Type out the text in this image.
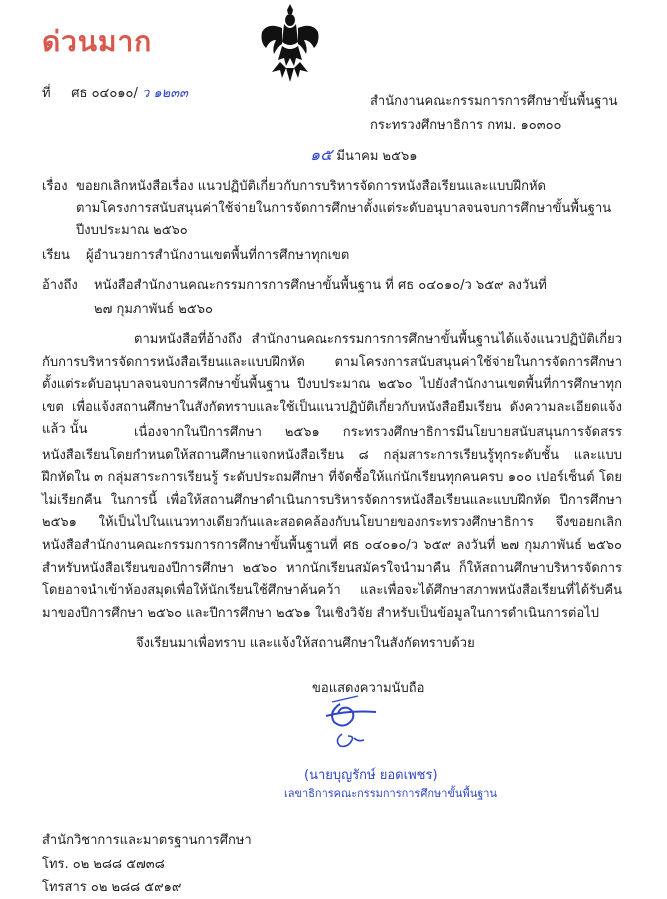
ด่วนมาก
ที่ ศธ ๐๔๐๑๐/ ว ๑๒๓๓
สำนักงานคณะกรรมการการศึกษาขั้นพื้นฐาน
กระทรวงศึกษาธิการ กทม. ๑๐๓๐๐
๑๕ มีนาคม ๒๕๖๑
เรื่อง ขอยกเลิกหนังสือเรื่อง แนวปฏิบัติเกี่ยวกับการบริหารจัดการหนังสือเรียนและแบบฝึกหัด
ตามโครงการสนับสนุนค่าใช้จ่ายในการจัดการศึกษาตั้งแต่ระดับอนุบาลจนจบการศึกษาขั้นพื้นฐาน
ปีงบประมาณ ๒๕๖๐
เรียน ผู้อำนวยการสำนักงานเขตพื้นที่การศึกษาทุกเขต
อ้างถึง หนังสือสำนักงานคณะกรรมการการศึกษาขั้นพื้นฐาน ที่ ศธ ๐๔๐๑๐/ว ๖๕๙ ลงวันที่
๒๗ กุมภาพันธ์ ๒๕๖๐
ตามหนังสือที่อ้างถึง สำนักงานคณะกรรมการการศึกษาขั้นพื้นฐานได้แจ้งแนวปฏิบัติเกี่ยวกับการบริหารจัดการหนังสือเรียนและแบบฝึกหัด ตามโครงการสนับสนุนค่าใช้จ่ายในการจัดการศึกษาตั้งแต่ระดับอนุบาลจนจบการศึกษาขั้นพื้นฐาน ปีงบประมาณ ๒๕๖๐ ไปยังสำนักงานเขตพื้นที่การศึกษาทุกเขต เพื่อแจ้งสถานศึกษาในสังกัดทราบและใช้เป็นแนวปฏิบัติเกี่ยวกับหนังสือยืมเรียน ดังความละเอียดแจ้งแล้ว นั้น	เนื่องจากในปีการศึกษา ๒๕๖๑ กระทรวงศึกษาธิการมีนโยบายสนับสนุนการจัดสรรหนังสือเรียนโดยกำหนดให้สถานศึกษาแจกหนังสือเรียน ๘ กลุ่มสาระการเรียนรู้ทุกระดับชั้น และแบบฝึกหัดใน ๓ กลุ่มสาระการเรียนรู้ ระดับประถมศึกษา ที่จัดซื้อให้แก่นักเรียนทุกคนครบ ๑๐๐ เปอร์เซ็นต์ โดยไม่เรียกคืน ในการนี้ เพื่อให้สถานศึกษาดำเนินการบริหารจัดการหนังสือเรียนและแบบฝึกหัด ปีการศึกษา ๒๕๖๑ ให้เป็นไปในแนวทางเดียวกันและสอดคล้องกับนโยบายของกระทรวงศึกษาธิการ จึงขอยกเลิกหนังสือสำนักงานคณะกรรมการการศึกษาขั้นพื้นฐานที่ ศธ ๐๔๐๑๐/ว ๖๕๙ ลงวันที่ ๒๗ กุมภาพันธ์ ๒๕๖๐ สำหรับหนังสือเรียนของปีการศึกษา ๒๕๖๐ หากนักเรียนสมัครใจนำมาคืน ก็ให้สถานศึกษาบริหารจัดการโดยอาจนำเข้าห้องสมุดเพื่อให้นักเรียนใช้ศึกษาค้นคว้า และเพื่อจะได้ศึกษาสภาพหนังสือเรียนที่ได้รับคืนมาของปีการศึกษา ๒๕๖๐ และปีการศึกษา ๒๕๖๑ ในเชิงวิจัย สำหรับเป็นข้อมูลในการดำเนินการต่อไป
จึงเรียนมาเพื่อทราบ และแจ้งให้สถานศึกษาในสังกัดทราบด้วย
ขอแสดงความนับถือ
(นายบุญรักษ์ ยอดเพชร)
เลขาธิการคณะกรรมการการศึกษาขั้นพื้นฐาน
สำนักวิชาการและมาตรฐานการศึกษา
โทร. ๐๒ ๒๘๘ ๕๗๓๘
โทรสาร ๐๒ ๒๘๘ ๕๙๑๙
